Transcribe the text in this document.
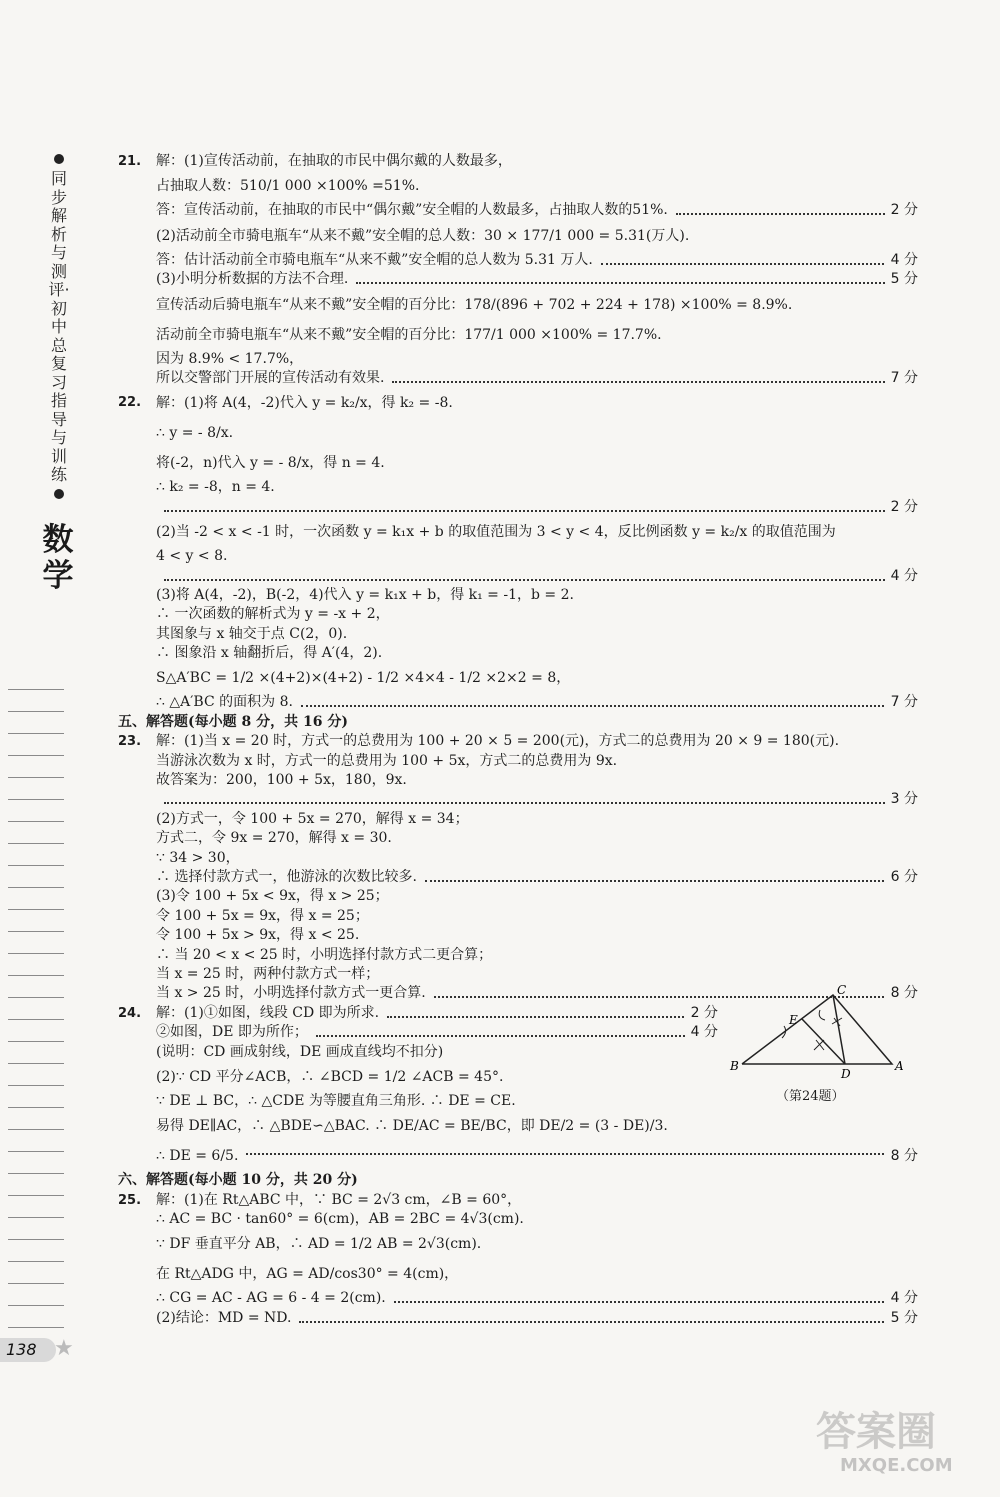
同步解析与测评·初中总复习指导与训练
数学
21. 解：(1)宣传活动前，在抽取的市民中偶尔戴的人数最多，
占抽取人数：510/1 000 ×100% =51%.
答：宣传活动前，在抽取的市民中“偶尔戴”安全帽的人数最多，占抽取人数的51%.	2 分
(2)活动前全市骑电瓶车“从来不戴”安全帽的总人数：30 × 177/1 000 = 5.31(万人).
答：估计活动前全市骑电瓶车“从来不戴”安全帽的总人数为 5.31 万人.	4 分
(3)小明分析数据的方法不合理.	5 分
宣传活动后骑电瓶车“从来不戴”安全帽的百分比：178/(896 + 702 + 224 + 178) ×100% = 8.9%.
活动前全市骑电瓶车“从来不戴”安全帽的百分比：177/1 000 ×100% = 17.7%.
因为 8.9% < 17.7%，
所以交警部门开展的宣传活动有效果.	7 分
22. 解：(1)将 A(4，-2)代入 y = k₂/x，得 k₂ = -8.
∴ y = - 8/x.
将(-2，n)代入 y = - 8/x，得 n = 4.
∴ k₂ = -8，n = 4.
2 分
(2)当 -2 < x < -1 时，一次函数 y = k₁x + b 的取值范围为 3 < y < 4，反比例函数 y = k₂/x 的取值范围为
4 < y < 8.
4 分
(3)将 A(4，-2)，B(-2，4)代入 y = k₁x + b，得 k₁ = -1，b = 2.
∴ 一次函数的解析式为 y = -x + 2，
其图象与 x 轴交于点 C(2，0).
∴ 图象沿 x 轴翻折后，得 A′(4，2).
S△A′BC = 1/2 ×(4+2)×(4+2) - 1/2 ×4×4 - 1/2 ×2×2 = 8，
∴ △A′BC 的面积为 8.	7 分
五、解答题(每小题 8 分，共 16 分)
23. 解：(1)当 x = 20 时，方式一的总费用为 100 + 20 × 5 = 200(元)，方式二的总费用为 20 × 9 = 180(元).
当游泳次数为 x 时，方式一的总费用为 100 + 5x，方式二的总费用为 9x.
故答案为：200，100 + 5x，180，9x.
3 分
(2)方式一，令 100 + 5x = 270，解得 x = 34；
方式二，令 9x = 270，解得 x = 30.
∵ 34 > 30，
∴ 选择付款方式一，他游泳的次数比较多.	6 分
(3)令 100 + 5x < 9x，得 x > 25；
令 100 + 5x = 9x，得 x = 25；
令 100 + 5x > 9x，得 x < 25.
∴ 当 20 < x < 25 时，小明选择付款方式二更合算；
当 x = 25 时，两种付款方式一样；
当 x > 25 时，小明选择付款方式一更合算.	8 分
24. 解：(1)①如图，线段 CD 即为所求.	2 分
②如图，DE 即为所作；	4 分
(说明：CD 画成射线，DE 画成直线均不扣分)
(2)∵ CD 平分∠ACB，∴ ∠BCD = 1/2 ∠ACB = 45°.
∵ DE ⊥ BC，∴ △CDE 为等腰直角三角形. ∴ DE = CE.
易得 DE∥AC，∴ △BDE∽△BAC. ∴ DE/AC = BE/BC，即 DE/2 = (3 - DE)/3.
∴ DE = 6/5.	8 分
六、解答题(每小题 10 分，共 20 分)
25. 解：(1)在 Rt△ABC 中，∵ BC = 2√3 cm，∠B = 60°，
∴ AC = BC · tan60° = 6(cm)，AB = 2BC = 4√3(cm).
∵ DF 垂直平分 AB，∴ AD = 1/2 AB = 2√3(cm).
在 Rt△ADG 中，AG = AD/cos30° = 4(cm)，
∴ CG = AC - AG = 6 - 4 = 2(cm).	4 分
(2)结论：MD = ND.	5 分
B	A
C
D
E
（第24题）
138 ★
答案圈
MXQE.COM
